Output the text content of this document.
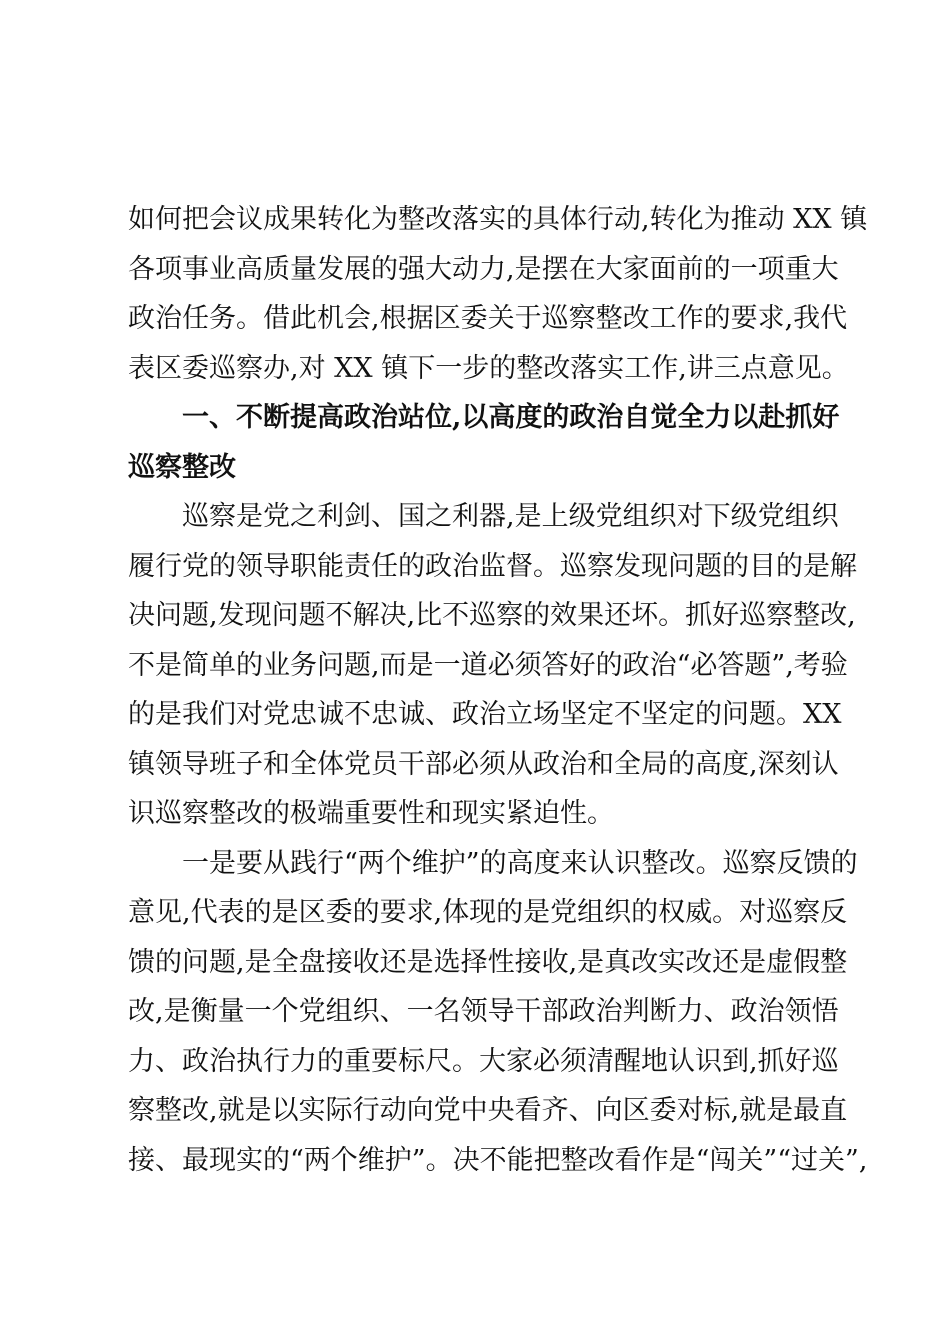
如何把会议成果转化为整改落实的具体行动,转化为推动 XX 镇
各项事业高质量发展的强大动力,是摆在大家面前的一项重大
政治任务。借此机会,根据区委关于巡察整改工作的要求,我代
表区委巡察办,对 XX 镇下一步的整改落实工作,讲三点意见。
一、不断提高政治站位,以高度的政治自觉全力以赴抓好
巡察整改
巡察是党之利剑、国之利器,是上级党组织对下级党组织
履行党的领导职能责任的政治监督。巡察发现问题的目的是解
决问题,发现问题不解决,比不巡察的效果还坏。抓好巡察整改,
不是简单的业务问题,而是一道必须答好的政治“必答题”,考验
的是我们对党忠诚不忠诚、政治立场坚定不坚定的问题。XX
镇领导班子和全体党员干部必须从政治和全局的高度,深刻认
识巡察整改的极端重要性和现实紧迫性。
一是要从践行“两个维护”的高度来认识整改。巡察反馈的
意见,代表的是区委的要求,体现的是党组织的权威。对巡察反
馈的问题,是全盘接收还是选择性接收,是真改实改还是虚假整
改,是衡量一个党组织、一名领导干部政治判断力、政治领悟
力、政治执行力的重要标尺。大家必须清醒地认识到,抓好巡
察整改,就是以实际行动向党中央看齐、向区委对标,就是最直
接、最现实的“两个维护”。决不能把整改看作是“闯关”“过关”,
